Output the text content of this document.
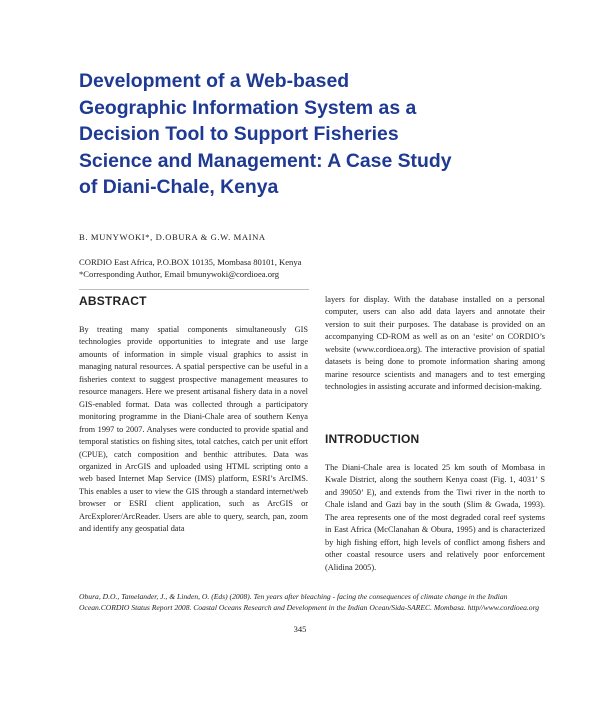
Development of a Web-based
Geographic Information System as a
Decision Tool to Support Fisheries
Science and Management: A Case Study
of Diani-Chale, Kenya
B. MUNYWOKI*, D.OBURA & G.W. MAINA
CORDIO East Africa, P.O.BOX 10135, Mombasa 80101, Kenya
*Corresponding Author, Email bmunywoki@cordioea.org
ABSTRACT
By treating many spatial components simultaneously GIS technologies provide opportunities to integrate and use large amounts of information in simple visual graphics to assist in managing natural resources. A spatial perspective can be useful in a fisheries context to suggest prospective management measures to resource managers. Here we present artisanal fishery data in a novel GIS-enabled format. Data was collected through a participatory monitoring programme in the Diani-Chale area of southern Kenya from 1997 to 2007. Analyses were conducted to provide spatial and temporal statistics on fishing sites, total catches, catch per unit effort (CPUE), catch composition and benthic attributes. Data was organized in ArcGIS and uploaded using HTML scripting onto a web based Internet Map Service (IMS) platform, ESRI’s ArcIMS. This enables a user to view the GIS through a standard internet/web browser or ESRI client application, such as ArcGIS or ArcExplorer/ArcReader. Users are able to query, search, pan, zoom and identify any geospatial data
layers for display. With the database installed on a personal computer, users can also add data layers and annotate their version to suit their purposes. The database is provided on an accompanying CD-ROM as well as on an ‘esite’ on CORDIO’s website (www.cordioea.org). The interactive provision of spatial datasets is being done to promote information sharing among marine resource scientists and managers and to test emerging technologies in assisting accurate and informed decision-making.
INTRODUCTION
The Diani-Chale area is located 25 km south of Mombasa in Kwale District, along the southern Kenya coast (Fig. 1, 4031’ S and 39050’ E), and extends from the Tiwi river in the north to Chale island and Gazi bay in the south (Slim & Gwada, 1993). The area represents one of the most degraded coral reef systems in East Africa (McClanahan & Obura, 1995) and is characterized by high fishing effort, high levels of conflict among fishers and other coastal resource users and relatively poor enforcement (Alidina 2005).
Obura, D.O., Tamelander, J., & Linden, O. (Eds) (2008). Ten years after bleaching - facing the consequences of climate change in the Indian Ocean.CORDIO Status Report 2008. Coastal Oceans Research and Development in the Indian Ocean/Sida-SAREC. Mombasa. http//www.cordioea.org
345
